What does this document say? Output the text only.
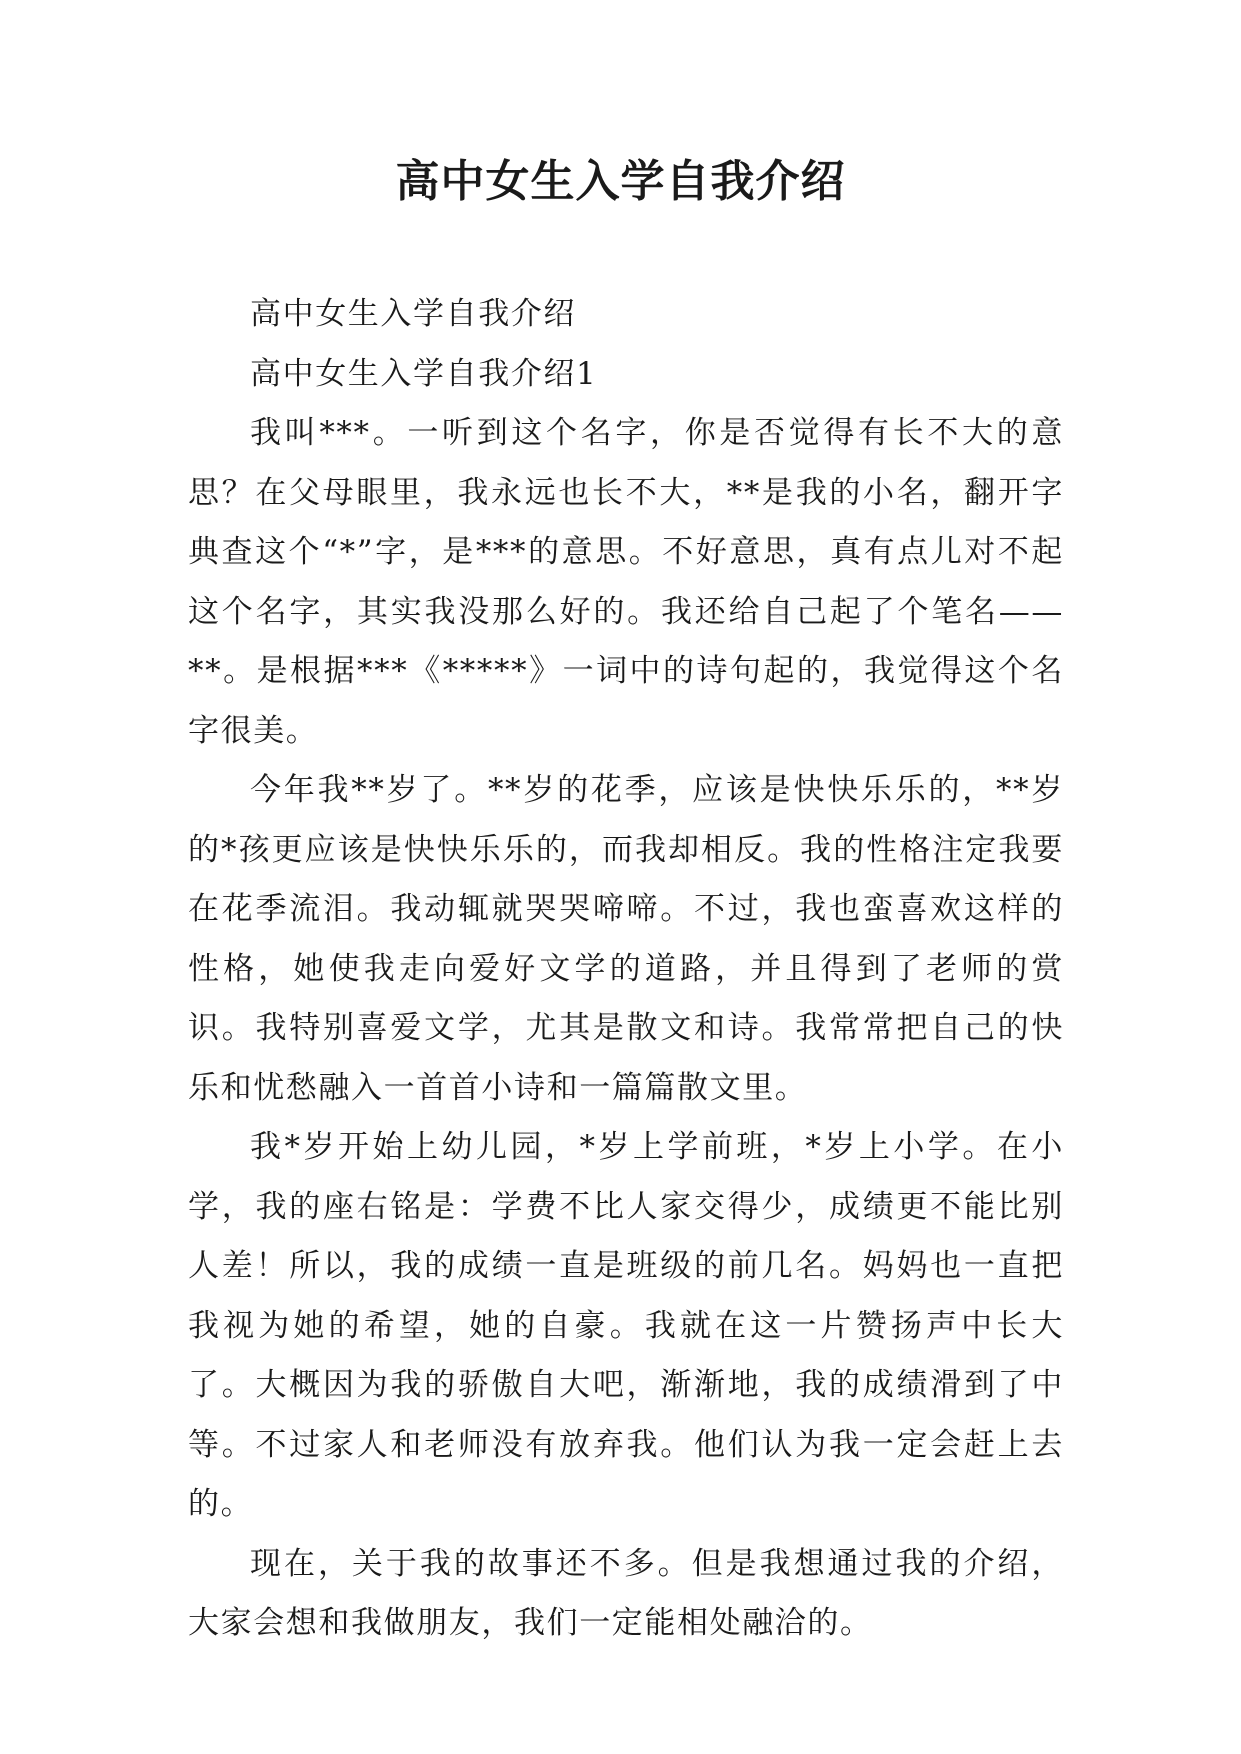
高中女生入学自我介绍

高中女生入学自我介绍

高中女生入学自我介绍1

我叫***。一听到这个名字，你是否觉得有长不大的意思？在父母眼里，我永远也长不大，**是我的小名，翻开字典查这个“*”字，是***的意思。不好意思，真有点儿对不起这个名字，其实我没那么好的。我还给自己起了个笔名——**。是根据***《*****》一词中的诗句起的，我觉得这个名字很美。

今年我**岁了。**岁的花季，应该是快快乐乐的，**岁的*孩更应该是快快乐乐的，而我却相反。我的性格注定我要在花季流泪。我动辄就哭哭啼啼。不过，我也蛮喜欢这样的性格，她使我走向爱好文学的道路，并且得到了老师的赏识。我特别喜爱文学，尤其是散文和诗。我常常把自己的快乐和忧愁融入一首首小诗和一篇篇散文里。

我*岁开始上幼儿园，*岁上学前班，*岁上小学。在小学，我的座右铭是：学费不比人家交得少，成绩更不能比别人差！所以，我的成绩一直是班级的前几名。妈妈也一直把我视为她的希望，她的自豪。我就在这一片赞扬声中长大了。大概因为我的骄傲自大吧，渐渐地，我的成绩滑到了中等。不过家人和老师没有放弃我。他们认为我一定会赶上去的。

现在，关于我的故事还不多。但是我想通过我的介绍，大家会想和我做朋友，我们一定能相处融洽的。
